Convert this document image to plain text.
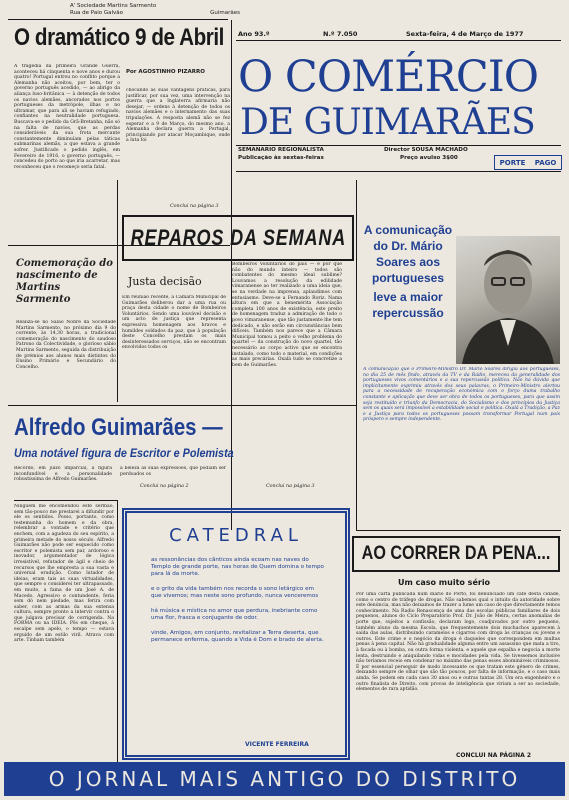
A' Sociedade Martins Sarmento
Rua de Paio Galvão	Guimarães
O dramático 9 de Abril
A tragédia da primeira Grande Guerra, aconteceu há cinquenta e nove anos e durou quatro! Portugal entrou no conflito porque a Alemanha não aceitou, por bem, ter o governo português acedido, — ao abrigo da aliança luso-britânica — à detenção de todos os navios alemães, ancorados nos portos portugueses da metrópole, ilhas e no ultramar, que para ali se haviam refugiado, confiantes na neutralidade portuguesa. Buscava-se o pedido da Grã-Bretanha, não só na falta de navios, que as perdas consideráveis da sua frota mercante constantemente diminuíam pelas táticas submarinas alemãs, a que estava a grande sofrer. Justificado o pedido inglês, em Fevereiro de 1916, o governo português, — concedeu do porto ao que iria acarretar, mas reconheceu que o recomeço seria fatal.
Por AGOSTINHO PIZARRO
chocando as suas vantagens práticas, para justificar, por sua vez, uma intervenção na guerra que a Inglaterra afirmaria não desejar, — ordens à detenção de todos os navios alemães e o internamento das suas tripulações. A resposta alemã não se fez esperar e a 9 de Março, do mesmo ano, a Alemanha declara guerra a Portugal, principiando por atacar Moçambique, onde a luta foi
Conclui na página 3
Ano 93.º	N.º 7.050	Sexta-feira, 4 de Março de 1977
O COMÉRCIO
DE GUIMARÃES
SEMANARIO REGIONALISTA
Publicação às sextas-feiras
Director SOUSA MACHADO
Preço avulso 3$00
PORTE PAGO
Comemoração do nascimento de Martins Sarmento
Realiza-se no Salão Nobre da Sociedade Martins Sarmento, no próximo dia 9 do corrente, às 14,30 horas, a tradicional comemoração do nascimento do saudoso Patrono da Colectividade, o glorioso sábio Martins Sarmento, seguida da distribuição de prémios aos alunos mais distintos do Ensino Primário e Secundário do Concelho.
REPAROS DA SEMANA
Justa decisão
Em reunião recente, a Câmara Municipal de Guimarães deliberou dar a uma rua ou praça desta cidade o nome de Bombeiros Voluntários. Sendo uma louvável decisão e um acto de justiça que representa expressiva homenagem aos bravos e humildes soldados da paz, que à população deste Concelho prestam os mais desinteressados serviços, não se encontram envolvidos todos os
Bombeiros Voluntários do país — e por que não do mundo inteiro — todos são combatentes do mesmo ideal sublime? Louvamos a resolução da edilidade vimaranense ao ter realizado a uma ideia que, se na verdade na imprensa, aplaudimos com entusiasmo. Deve-se a Fernando Roriz. Nama altura em que a benemérita Associação completa 100 anos de existência, este preito de homenagem traduz a admiração de todo o povo vimaranense, que tão justamente lhe tem dedicado, e não serão em circunstâncias bem difíceis. Também nos parece que a Câmara Municipal tomou a peito o velho problema do quartel — da construção do novo quartel, tão necessário ao corpo activo que se encontra instalado, como todo o material, em condições as mais precárias. Oxalá tudo se concretize a bem de Guimarães.
A comunicação
do Dr. Mário
Soares aos
portugueses
leve a maior
repercussão
A comunicação que o Primeiro-Ministro Dr. Mário Soares dirigiu aos portugueses, no dia 25 de mês findo, através da TV e da Rádio, mereceu da generalidade dos portugueses vivos comentários e a sua repercussão política. Não há dúvida que implicitamente exprimiu através dos seus palavras, o Primeiro-Ministro alertou para a necessidade de recuperação económica com o forço duma trabalho constante e aplicação que deve ser obra de todos os portugueses, para que assim seja restituído e triunfo da Democracia, do Socialismo e dos princípios da Justiça sem os quais será impossível a estabilidade social e política. Oxalá a Tradição, a Paz e a Justiça para todos os portugueses possam transformar Portugal num país próspero e sempre independente.
Alfredo Guimarães —
Uma notável figura de Escritor e Polemista
Recordo, em juízo imparcial, a figura inconfundível e a personalidade robustíssima de Alfredo Guimarães.
a beleza às suas expressões, que podiam ser perdoados os
Conclui na página 2	Conclui na página 3
Ninguém me encomendou este sermão, sem tão-pouco me prestarei a difundir por ele os sentidos. Posso, portanto, como testemunha do homem e da obra, relembrar a vontade e critério que enchem, com a agudeza do seu espírito, a primeira metade do nosso século. Alfredo Guimarães não pode ser esquecido como escritor e polemista sem par, ardoroso e inovador, argumentador de lógica irresistível, refutador de ágil e cheio de recursos que lhe empresta a sua vasta e universal erudição. Como lutador de ideias, eram tais as suas virtualidades, que sempre o considerei ter ultrapassado, em muito, a fama de um José A. de Macedo. Agressivo e contundente, feria sem dó nem piedade, mas ferira com saber, com as armas da sua extensa cultura, sempre pronto a intervir contra o que julgava precisar de corrigenda. Na FORMA ou na IDEIA. Pôs em cheque, à escalpe sem apelo, o tempo — estava erguido de um estilo viril. Atrava com arte. Tinham também
CATEDRAL
as ressonâncias dos cânticos ainda ecoam nas naves do Templo de grande porte, nas horas de Quem domina o tempo para lá da morte.
e o grito da vida também nos recorda o sono letárgico em que vivemos; mas neste sono profundo, nunca venceremos
há música e mística no amor que perdura, inebriante como uma flor, frasca e conjugante de odor.
vinde, Amigos, em conjunto, revitalizar a Terra deserta, que permanece enferma, quando a Vida é Dom e brado de alerta.
VICENTE FERREIRA
AO CORRER DA PENA...
Um caso muito sério
Por uma carta publicada num diário do Porto, foi denunciado um café desta cidade, como o centro de tráfego de drogas. Não sabemos qual o intuito da autoridade sobre este denúncia, mas não deixamos de trazer a lume um caso de que directamente temos conhecimento. Na Radio Renascença de uma das escolas públicas familiares de dois pequenos, alunos do Ciclo Preparatório Prof. Dr. João de Meira, certas anomalias de porte que, sujeitos a confissão, declaram logo, coadjuvados por outro pequeno, também aluno da mesma Escola, que frequentemente dois muchachos aparecem à saída das aulas, distribuindo caramelos e cigarros com droga às crianças ou jovens e outros. Este crime e o negócio da droga é daqueles que correspondem em multas penas à pena capital. Não há gradualidade alguma entre um assassino que mata a tiro, à facada ou à bomba, ou outra forma violenta, e aquele que espalha e negocia a morte lenta, destruindo e aniquilando vidas e mocidades pela vida. Se tivessemos inclusive não teríamos receio em condenar no máximo das penas esses abomináveis criminosos. É por essencial perseguir de modo incessante os que tratam este género de crimes, deixando sempre de olhar que são tão poucos, por falta de informação, e o caso mais ainda. Se podem em cada caso 30 anos ou e outras tantas 28. Um era engenheiro e o outro finalista de Direito, com provas de inteligência que viriam a ser ao sociedade, elementos de rara aptidão.
CONCLUI NA PÁGINA 2
O JORNAL MAIS ANTIGO DO DISTRITO
